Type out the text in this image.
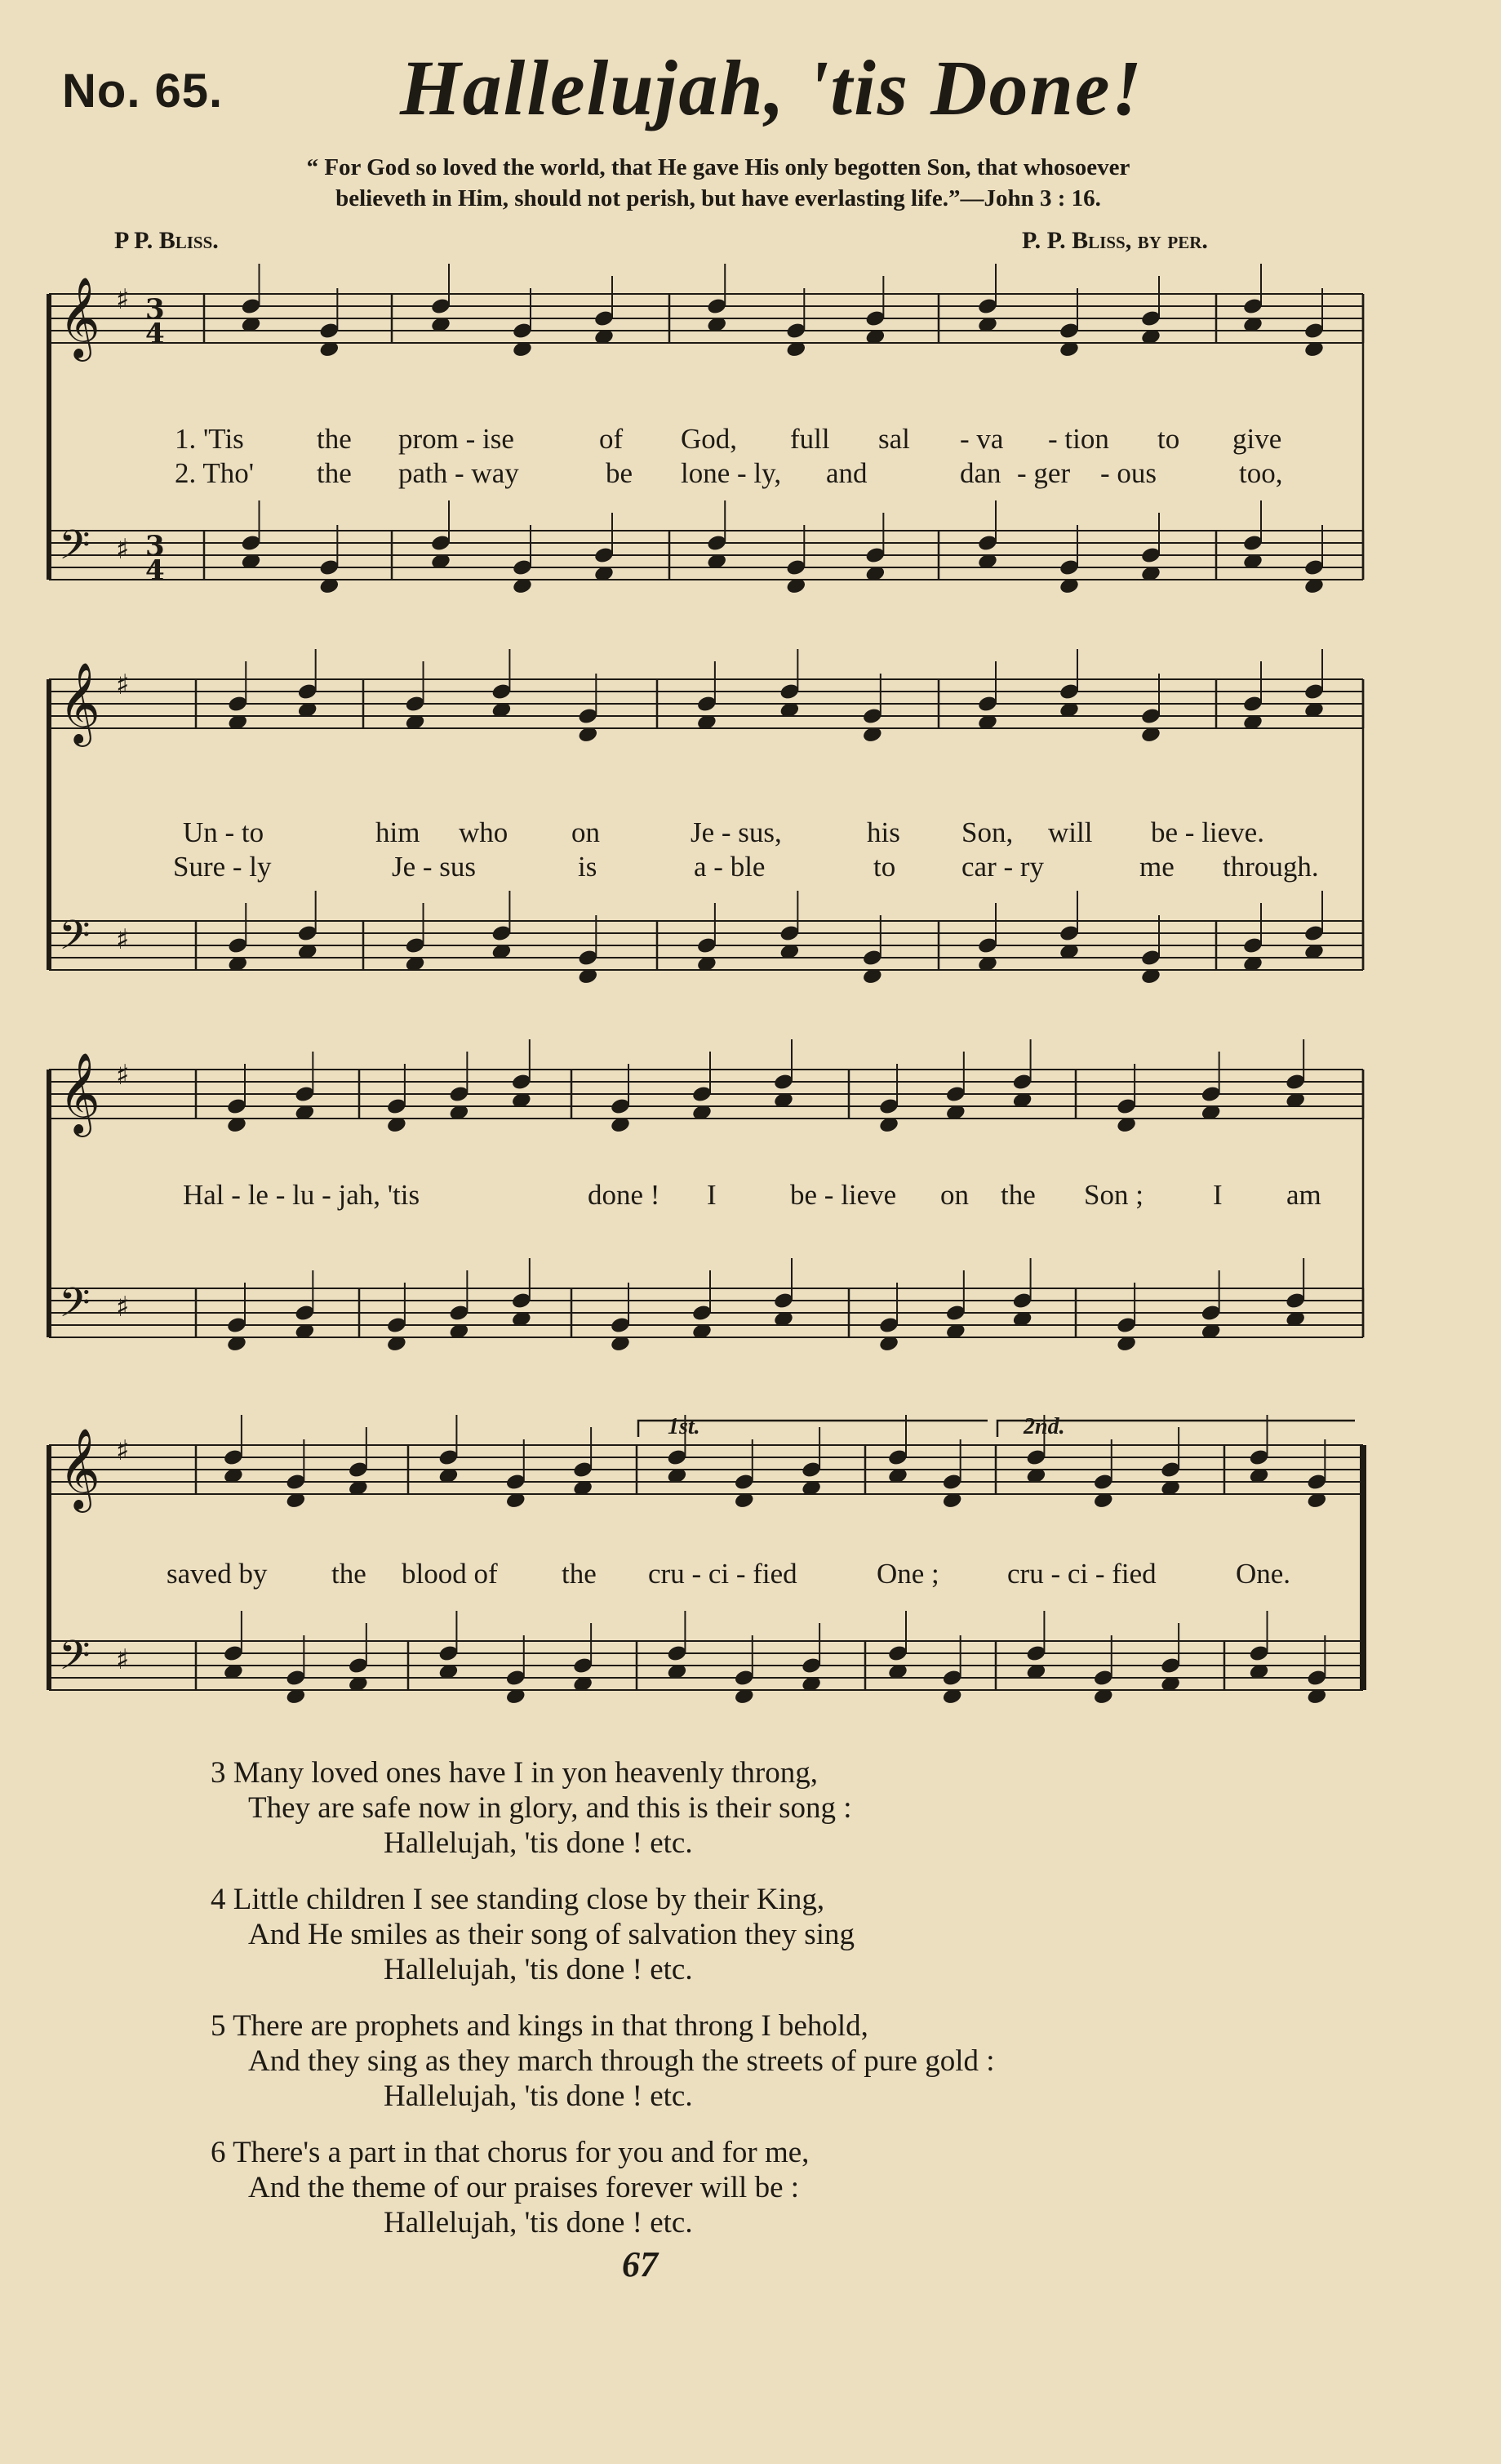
No. 65. Hallelujah, 'tis Done!
“ For God so loved the world, that He gave His only begotten Son, that whosoever
believeth in Him, should not perish, but have everlasting life.”—John 3 : 16.
P P. Bliss.	P. P. Bliss, by per.
𝄞 ♯
𝄢 ♯
3
4
3
4
𝄞 ♯
𝄢 ♯
𝄞 ♯
𝄢 ♯
𝄞 ♯
𝄢 ♯
1. 'Tis	the prom - ise	of God, full sal - va - tion to give
2. Tho' the path - way	be lone - ly, and	dan - ger - ous	too,
Un - to	him who on	Je - sus,	his Son, will be - lieve.
Sure - ly	Je - sus	is	a - ble	to car - ry	me through.
Hal - le - lu - jah, 'tis	done ! I	be - lieve on the Son ; I am
1st.	2nd.
saved by the blood of the cru - ci - fied	One ; cru - ci - fied	One.
3 Many loved ones have I in yon heavenly throng,
They are safe now in glory, and this is their song :
Hallelujah, 'tis done ! etc.
4 Little children I see standing close by their King,
And He smiles as their song of salvation they sing
Hallelujah, 'tis done ! etc.
5 There are prophets and kings in that throng I behold,
And they sing as they march through the streets of pure gold :
Hallelujah, 'tis done ! etc.
6 There's a part in that chorus for you and for me,
And the theme of our praises forever will be :
Hallelujah, 'tis done ! etc.
67
